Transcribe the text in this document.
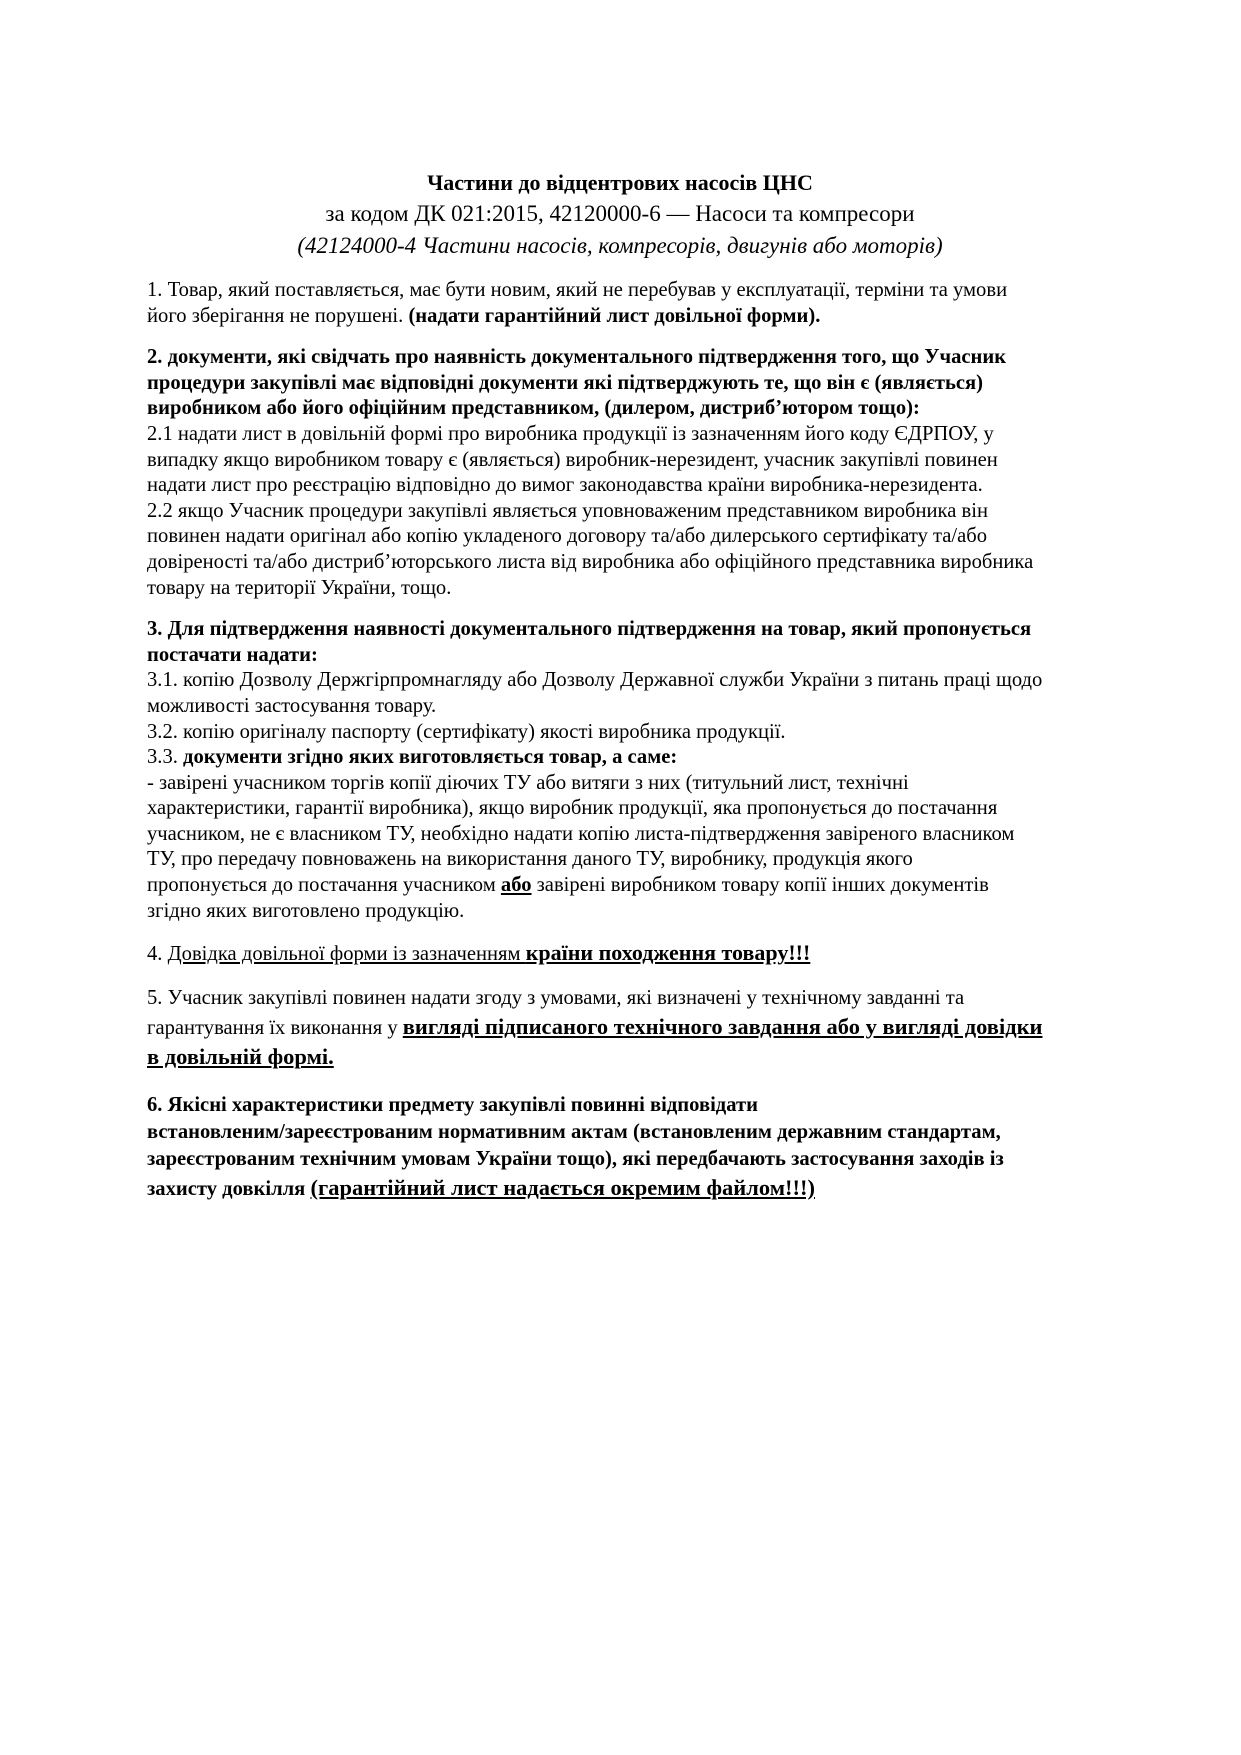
Частини до відцентрових насосів ЦНС
за кодом ДК 021:2015, 42120000-6 — Насоси та компресори
(42124000-4 Частини насосів, компресорів, двигунів або моторів)
1. Товар, який поставляється, має бути новим, який не перебував у експлуатації, терміни та умови
його зберігання не порушені. (надати гарантійний лист довільної форми).
2. документи, які свідчать про наявність документального підтвердження того, що Учасник
процедури закупівлі має відповідні документи які підтверджують те, що він є (являється)
виробником або його офіційним представником, (дилером, дистриб’ютором тощо):
2.1 надати лист в довільній формі про виробника продукції із зазначенням його коду ЄДРПОУ, у
випадку якщо виробником товару є (являється) виробник-нерезидент, учасник закупівлі повинен
надати лист про реєстрацію відповідно до вимог законодавства країни виробника-нерезидента.
2.2 якщо Учасник процедури закупівлі являється уповноваженим представником виробника він
повинен надати оригінал або копію укладеного договору та/або дилерського сертифікату та/або
довіреності та/або дистриб’юторського листа від виробника або офіційного представника виробника
товару на території України, тощо.
3. Для підтвердження наявності документального підтвердження на товар, який пропонується
постачати надати:
3.1. копію Дозволу Держгірпромнагляду або Дозволу Державної служби України з питань праці щодо
можливості застосування товару.
3.2. копію оригіналу паспорту (сертифікату) якості виробника продукції.
3.3. документи згідно яких виготовляється товар, а саме:
- завірені учасником торгів копії діючих ТУ або витяги з них (титульний лист, технічні
характеристики, гарантії виробника), якщо виробник продукції, яка пропонується до постачання
учасником, не є власником ТУ, необхідно надати копію листа-підтвердження завіреного власником
ТУ, про передачу повноважень на використання даного ТУ, виробнику, продукція якого
пропонується до постачання учасником або завірені виробником товару копії інших документів
згідно яких виготовлено продукцію.
4. Довідка довільної форми із зазначенням країни походження товару!!!
5. Учасник закупівлі повинен надати згоду з умовами, які визначені у технічному завданні та
гарантування їх виконання у вигляді підписаного технічного завдання або у вигляді довідки
в довільній формі.
6. Якісні характеристики предмету закупівлі повинні відповідати
встановленим/зареєстрованим нормативним актам (встановленим державним стандартам,
зареєстрованим технічним умовам України тощо), які передбачають застосування заходів із
захисту довкілля (гарантійний лист надається окремим файлом!!!)
